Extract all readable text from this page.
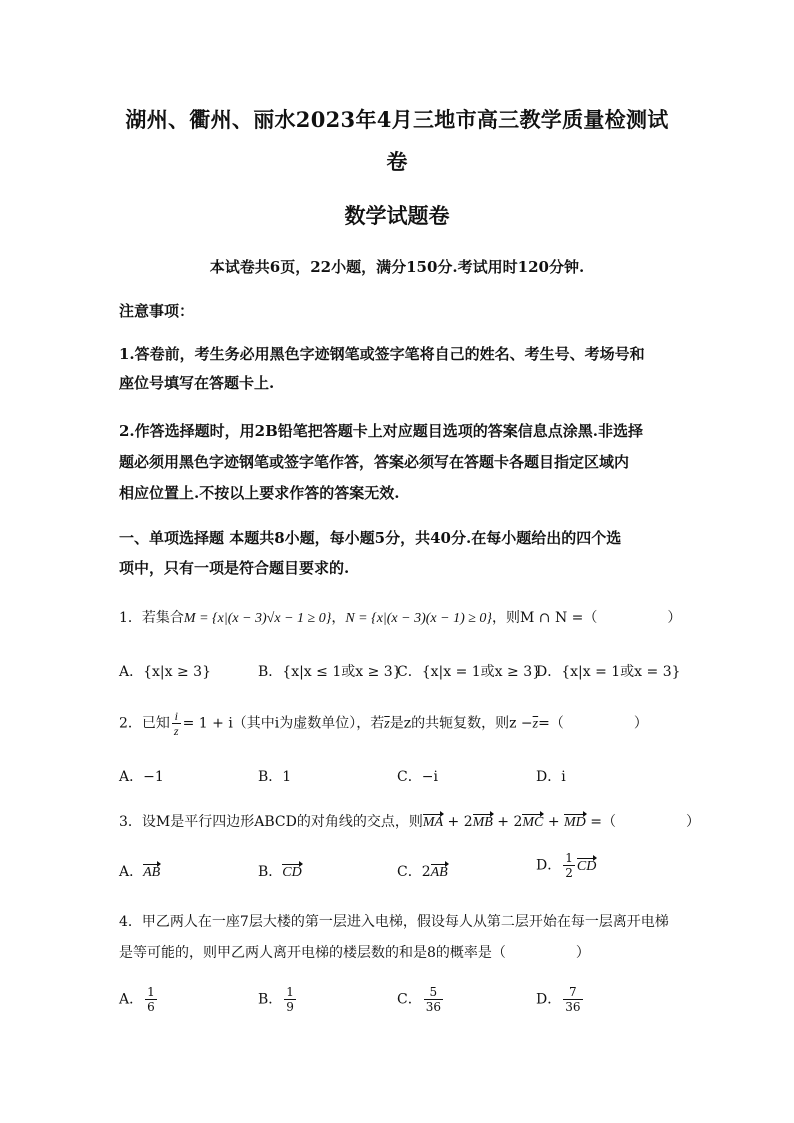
湖州、衢州、丽水2023年4月三地市高三教学质量检测试
卷
数学试题卷
本试卷共6页，22小题，满分150分.考试用时120分钟.
注意事项：
1.答卷前，考生务必用黑色字迹钢笔或签字笔将自己的姓名、考生号、考场号和
座位号填写在答题卡上.
2.作答选择题时，用2B铅笔把答题卡上对应题目选项的答案信息点涂黑.非选择
题必须用黑色字迹钢笔或签字笔作答，答案必须写在答题卡各题目指定区域内
相应位置上.不按以上要求作答的答案无效.
一、单项选择题 本题共8小题，每小题5分，共40分.在每小题给出的四个选
项中，只有一项是符合题目要求的.
1．若集合M = {x|(x − 3)√x − 1 ≥ 0}，N = {x|(x − 3)(x − 1) ≥ 0}，则M ∩ N =（	）
A．{x|x ≥ 3}	B．{x|x ≤ 1或x ≥ 3}
C．{x|x = 1或x ≥ 3}
D．{x|x = 1或x = 3}
2．已知 $\frac{i}{z} = 1 + i$（其中i为虚数单位），若$\overline{z}$是z的共轭复数，则$z -\overline{z}=$（	）
A．−1	B．1	C．−i	D．i
3．设M是平行四边形ABCD的对角线的交点，则MA + 2MB + 2MC + MD =（	）
A．AB	B．CD	C．2AB	D． $\frac{1}{2}$ CD
4．甲乙两人在一座7层大楼的第一层进入电梯，假设每人从第二层开始在每一层离开电梯
是等可能的，则甲乙两人离开电梯的楼层数的和是8的概率是（	）
A． $\frac{1}{6}$	B． $\frac{1}{9}$	C． $\frac{5}{36}$	D． $\frac{7}{36}$
